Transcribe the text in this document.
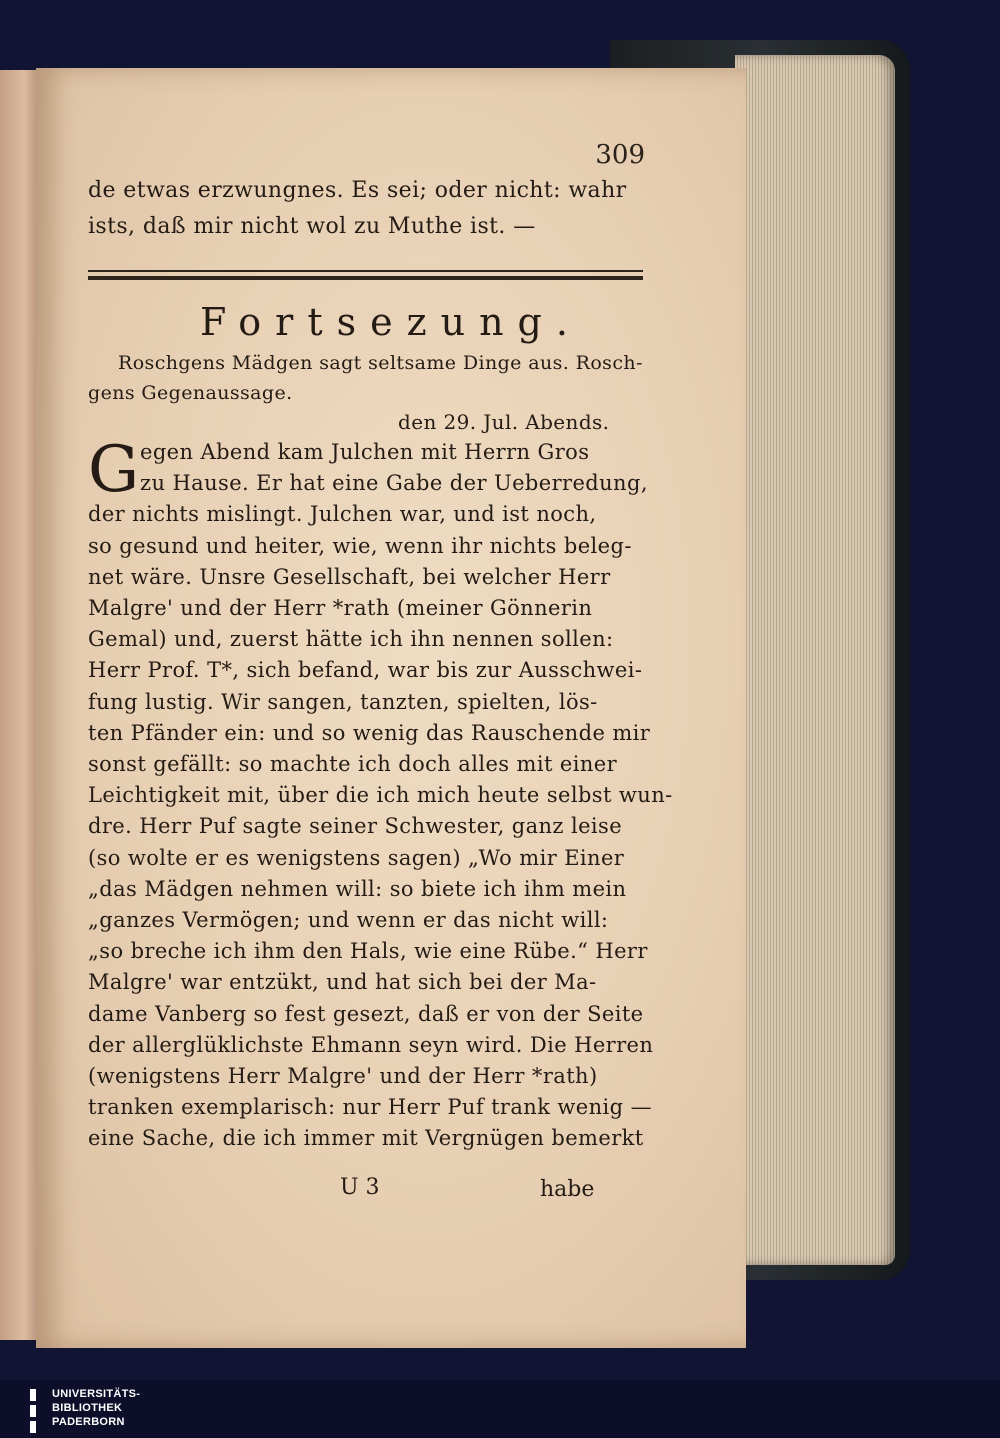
309
de etwas erzwungnes. Es sei; oder nicht: wahr
ists, daß mir nicht wol zu Muthe ist. —
Fortsezung.
Roschgens Mädgen sagt seltsame Dinge aus. Rosch-
gens Gegenaussage.
den 29. Jul. Abends.
G egen Abend kam Julchen mit Herrn Gros
zu Hause. Er hat eine Gabe der Ueberredung,
der nichts mislingt. Julchen war, und ist noch,
so gesund und heiter, wie, wenn ihr nichts beleg-
net wäre. Unsre Gesellschaft, bei welcher Herr
Malgre' und der Herr *rath (meiner Gönnerin
Gemal) und, zuerst hätte ich ihn nennen sollen:
Herr Prof. T*, sich befand, war bis zur Ausschwei-
fung lustig. Wir sangen, tanzten, spielten, lös-
ten Pfänder ein: und so wenig das Rauschende mir
sonst gefällt: so machte ich doch alles mit einer
Leichtigkeit mit, über die ich mich heute selbst wun-
dre. Herr Puf sagte seiner Schwester, ganz leise
(so wolte er es wenigstens sagen) „Wo mir Einer
„das Mädgen nehmen will: so biete ich ihm mein
„ganzes Vermögen; und wenn er das nicht will:
„so breche ich ihm den Hals, wie eine Rübe.“ Herr
Malgre' war entzükt, und hat sich bei der Ma-
dame Vanberg so fest gesezt, daß er von der Seite
der allerglüklichste Ehmann seyn wird. Die Herren
(wenigstens Herr Malgre' und der Herr *rath)
tranken exemplarisch: nur Herr Puf trank wenig —
eine Sache, die ich immer mit Vergnügen bemerkt
U 3	habe
UNIVERSITÄTS-
BIBLIOTHEK
PADERBORN
